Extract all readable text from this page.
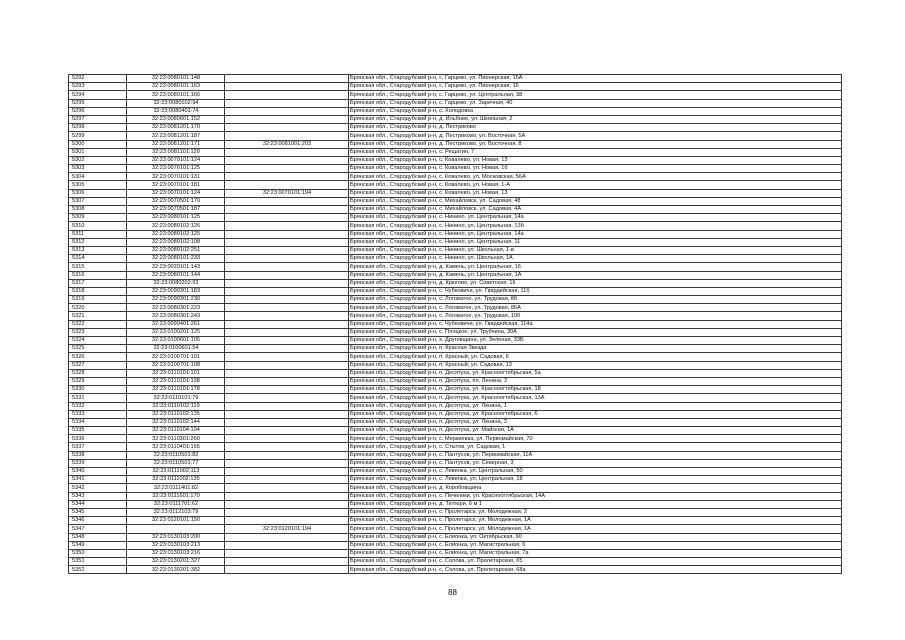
5292	32:23:0080101:148		Брянская обл., Стародубский р-н, с. Гарцево, ул. Пионерская, 15А
5293	32:23:0080101:163		Брянская обл., Стародубский р-н, с. Гарцево, ул. Пионерская, 15
5294	32:23:0080101:166		Брянская обл., Стародубский р-н, с. Гарцево, ул. Центральная, 38
5295	32:23:0080102:94		Брянская обл., Стародубский р-н, с. Гарцево, ул. Заречная, 40
5296	32:23:0080401:74		Брянская обл., Стародубский р-н, с. Холодовка
5297	32:23:0080601:152		Брянская обл., Стародубский р-н, д. Ильбово, ул. Школьная, 2
5298	32:23:0081201:170		Брянская обл., Стародубский р-н, д. Пестриково
5299	32:23:0081201:187		Брянская обл., Стародубский р-н, д. Пестриково, ул. Восточная, 5А
5300	32:23:0081201:171	32:23:0081001:203	Брянская обл., Стародубский р-н, д. Пестриково, ул. Восточная, 8
5301	32:23:0081101:120		Брянская обл., Стародубский р-н, с. Рещатин, 7
5302	32:23:0070101:124		Брянская обл., Стародубский р-н, с. Ковалево, ул. Новая, 13
5303	32:23:0070101:125		Брянская обл., Стародубский р-н, с. Ковалево, ул. Новая, 1б
5304	32:23:0070101:131		Брянская обл., Стародубский р-н, с. Ковалево, ул. Московская, 56А
5305	32:23:0070101:181		Брянская обл., Стародубский р-н, с. Ковалево, ул. Новая, 1-А
5306	32:23:0070101:124	32:23:0070101:194	Брянская обл., Стародубский р-н, с. Ковалево, ул. Новая, 13
5307	32:23:0070501:170		Брянская обл., Стародубский р-н, с. Михайловск, ул. Садовая, 48
5308	32:23:0070501:187		Брянская обл., Стародубский р-н, с. Михайловск, ул. Садовая, 4А
5309	32:23:0080101:125		Брянская обл., Стародубский р-н, с. Нинино, ул. Центральная, 14а
5310	32:23:0080102:126		Брянская обл., Стародубский р-н, с. Нинино, ул. Центральная, 13б
5311	32:23:0080102:125		Брянская обл., Стародубский р-н, с. Нинино, ул. Центральная, 14а
5312	32:23:0080102:108		Брянская обл., Стародубский р-н, с. Нинино, ул. Центральная, 11
5313	32:23:0080102:251		Брянская обл., Стародубский р-н, с. Нинино, ул. Школьная, 1-в
5314	32:23:0080101:233		Брянская обл., Стародубский р-н, с. Нинино, ул. Школьная, 1А
5315	32:23:0020101:143		Брянская обл., Стародубский р-н, д. Камень, ул. Центральная, 16
5316	32:23:0080101:144		Брянская обл., Стародубский р-н, д. Камень, ул. Центральная, 1А
5317	32:23:0080202:93		Брянская обл., Стародубский р-н, д. Крюгово, ул. Советская, 16
5318	32:23:0090301:183		Брянская обл., Стародубский р-н, с. Чубковичи, ул. Гвардейская, 11б
5319	32:23:0090301:230		Брянская обл., Стародубский р-н, с. Логоватое, ул. Трудовая, 8б
5320	32:23:0080301:223		Брянская обл., Стародубский р-н, с. Логоватое, ул. Трудовая, 86А
5321	32:23:0080301:243		Брянская обл., Стародубский р-н, с. Логоватое, ул. Трудовая, 10б
5322	32:23:0090401:261		Брянская обл., Стародубский р-н, с. Чубковичи, ул. Гвардейская, 114а
5323	32:23:0100201:125		Брянская обл., Стародубский р-н, с. Плоцкое, ул. Трубчина, 30А
5324	32:23:0100601:105		Брянская обл., Стародубский р-н, х. Друговщина, ул. Зеленая, 33Б
5325	32:23:0100601:54		Брянская обл., Стародубский р-н, п. Красная Звезда
5326	32:23:0100701:101		Брянская обл., Стародубский р-н, п. Красный, ул. Садовая, 6
5327	32:23:0100701:108		Брянская обл., Стародубский р-н, п. Красный, ул. Садовая, 13
5328	32:23:0110101:101		Брянская обл., Стародубский р-н, п. Десятуха, ул. Красноогтябрьская, 5а
5329	32:23:0110101:138		Брянская обл., Стародубский р-н, п. Десятуха, пл. Ленина, 2
5330	32:23:0110101:178		Брянская обл., Стародубский р-н, п. Десятуха, ул. Красноогтябрьская, 18
5331	32:23:0110101:79		Брянская обл., Стародубский р-н, п. Десятуха, ул. Красноогтябрьская, 13А
5332	32:23:0110102:119		Брянская обл., Стародубский р-н, п. Десятуха, ул. Ленина, 1
5333	32:23:0110102:135		Брянская обл., Стародубский р-н, п. Десятуха, ул. Красноогтябрьская, 6
5334	32:23:0110102:144		Брянская обл., Стародубский р-н, п. Десятуха, ул. Ленина, 3
5335	32:23:0110104:104		Брянская обл., Стародубский р-н, п. Десятуха, ул. Майская, 1А
5336	32:23:0110301:260		Брянская обл., Стародубский р-н, с. Меркиевка, ул. Первомайская, 70
5337	32:23:0110401:165		Брянская обл., Стародубский р-н, с. Стытов, ул. Садовая, 1
5338	32:23:0110501:82		Брянская обл., Стародубский р-н, с. Пантусов, ул. Первомайская, 11А
5339	32:23:0110501:77		Брянская обл., Стародубский р-н, с. Пантусов, ул. Северная, 3
5340	32:23:0111002:113		Брянская обл., Стародубский р-н, с. Левенка, ул. Центральная, 50
5341	32:23:0111002:135		Брянская обл., Стародубский р-н, с. Левенка, ул. Центральная, 18
5342	32:23:0111401:82		Брянская обл., Стародубский р-н, д. Коробовщина
5343	32:23:0111601:170		Брянская обл., Стародубский р-н, с. Печеники, ул. Красноогтябрьская, 14А
5344	32:23:0111701:62		Брянская обл., Стародубский р-н, д. Тютюри, 6 м 1
5345	32:23:0112103:79		Брянская обл., Стародубский р-н, с. Пролетарск, ул. Молодежная, 2
5346	32:23:0120101:150		Брянская обл., Стародубский р-н, с. Пролетарск, ул. Молодежная, 1А
5347		32:23:0120101:194	Брянская обл., Стародубский р-н, с. Пролетарск, ул. Молодежная, 1А
5348	32:23:0130103:200		Брянская обл., Стародубский р-н, с. Елионка, ул. Октябрьская, 90
5349	32:23:0130103:213		Брянская обл., Стародубский р-н, с. Елионка, ул. Магистральная, 6
5350	32:23:0130103:216		Брянская обл., Стародубский р-н, с. Елионка, ул. Магистральная, 7а
5351	32:23:0130201:327		Брянская обл., Стародубский р-н, с. Солова, ул. Пролетарская, 65
5352	32:23:0130201:382		Брянская обл., Стародубский р-н, с. Солова, ул. Пролетарская, 68а
88
